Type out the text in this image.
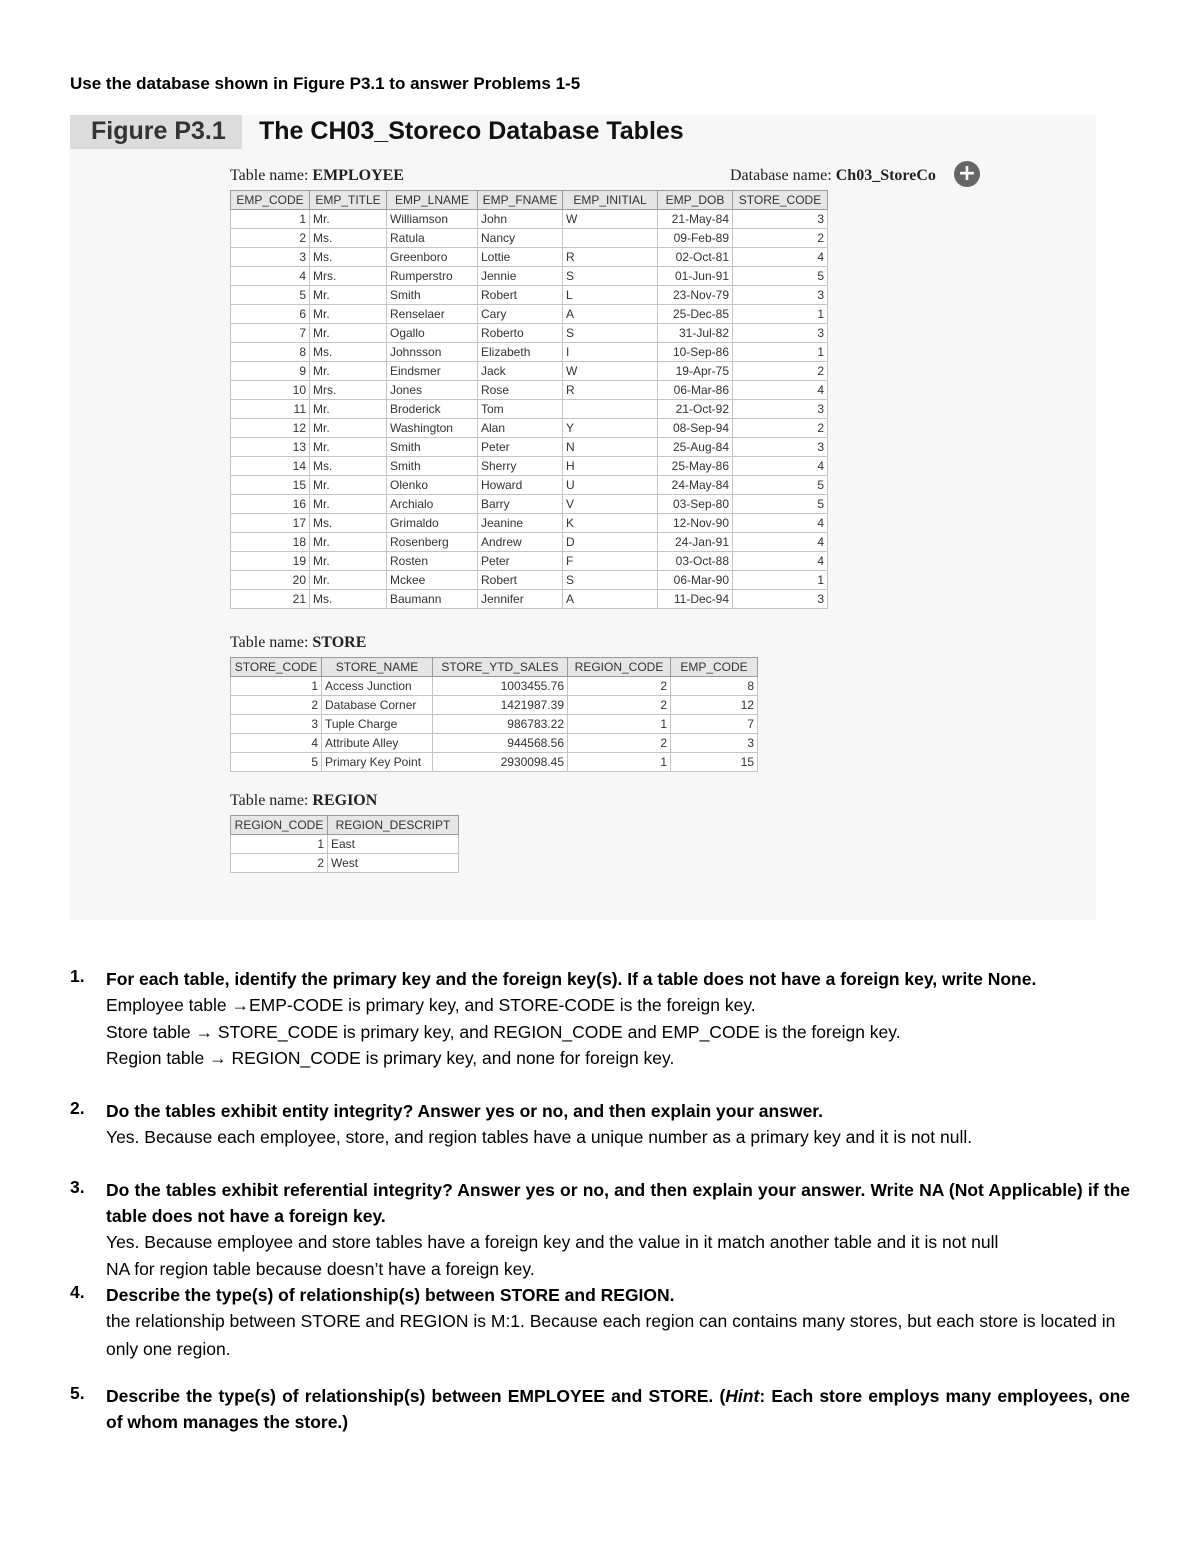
Use the database shown in Figure P3.1 to answer Problems 1-5

Figure P3.1	The CH03_Storeco Database Tables
Table name: EMPLOYEE	Database name: Ch03_StoreCo +
EMP_CODE	EMP_TITLE	EMP_LNAME	EMP_FNAME	EMP_INITIAL	EMP_DOB	STORE_CODE
1	Mr.	Williamson	John	W	21-May-84	3
2	Ms.	Ratula	Nancy		09-Feb-89	2
3	Ms.	Greenboro	Lottie	R	02-Oct-81	4
4	Mrs.	Rumperstro	Jennie	S	01-Jun-91	5
5	Mr.	Smith	Robert	L	23-Nov-79	3
6	Mr.	Renselaer	Cary	A	25-Dec-85	1
7	Mr.	Ogallo	Roberto	S	31-Jul-82	3
8	Ms.	Johnsson	Elizabeth	I	10-Sep-86	1
9	Mr.	Eindsmer	Jack	W	19-Apr-75	2
10	Mrs.	Jones	Rose	R	06-Mar-86	4
11	Mr.	Broderick	Tom		21-Oct-92	3
12	Mr.	Washington	Alan	Y	08-Sep-94	2
13	Mr.	Smith	Peter	N	25-Aug-84	3
14	Ms.	Smith	Sherry	H	25-May-86	4
15	Mr.	Olenko	Howard	U	24-May-84	5
16	Mr.	Archialo	Barry	V	03-Sep-80	5
17	Ms.	Grimaldo	Jeanine	K	12-Nov-90	4
18	Mr.	Rosenberg	Andrew	D	24-Jan-91	4
19	Mr.	Rosten	Peter	F	03-Oct-88	4
20	Mr.	Mckee	Robert	S	06-Mar-90	1
21	Ms.	Baumann	Jennifer	A	11-Dec-94	3
Table name: STORE
STORE_CODE	STORE_NAME	STORE_YTD_SALES	REGION_CODE	EMP_CODE
1	Access Junction	1003455.76	2	8
2	Database Corner	1421987.39	2	12
3	Tuple Charge	986783.22	1	7
4	Attribute Alley	944568.56	2	3
5	Primary Key Point	2930098.45	1	15
Table name: REGION
REGION_CODE	REGION_DESCRIPT
1	East
2	West
1. For each table, identify the primary key and the foreign key(s). If a table does not have a foreign key, write None.
Employee table →EMP-CODE is primary key, and STORE-CODE is the foreign key.
Store table → STORE_CODE is primary key, and REGION_CODE and EMP_CODE is the foreign key.
Region table → REGION_CODE is primary key, and none for foreign key.
2. Do the tables exhibit entity integrity? Answer yes or no, and then explain your answer.
Yes. Because each employee, store, and region tables have a unique number as a primary key and it is not null.
3. Do the tables exhibit referential integrity? Answer yes or no, and then explain your answer. Write NA (Not Applicable) if the table does not have a foreign key.
Yes. Because employee and store tables have a foreign key and the value in it match another table and it is not null
NA for region table because doesn’t have a foreign key.
4. Describe the type(s) of relationship(s) between STORE and REGION.
the relationship between STORE and REGION is M:1. Because each region can contains many stores, but each store is located in only one region.
5. Describe the type(s) of relationship(s) between EMPLOYEE and STORE. (Hint: Each store employs many employees, one of whom manages the store.)
